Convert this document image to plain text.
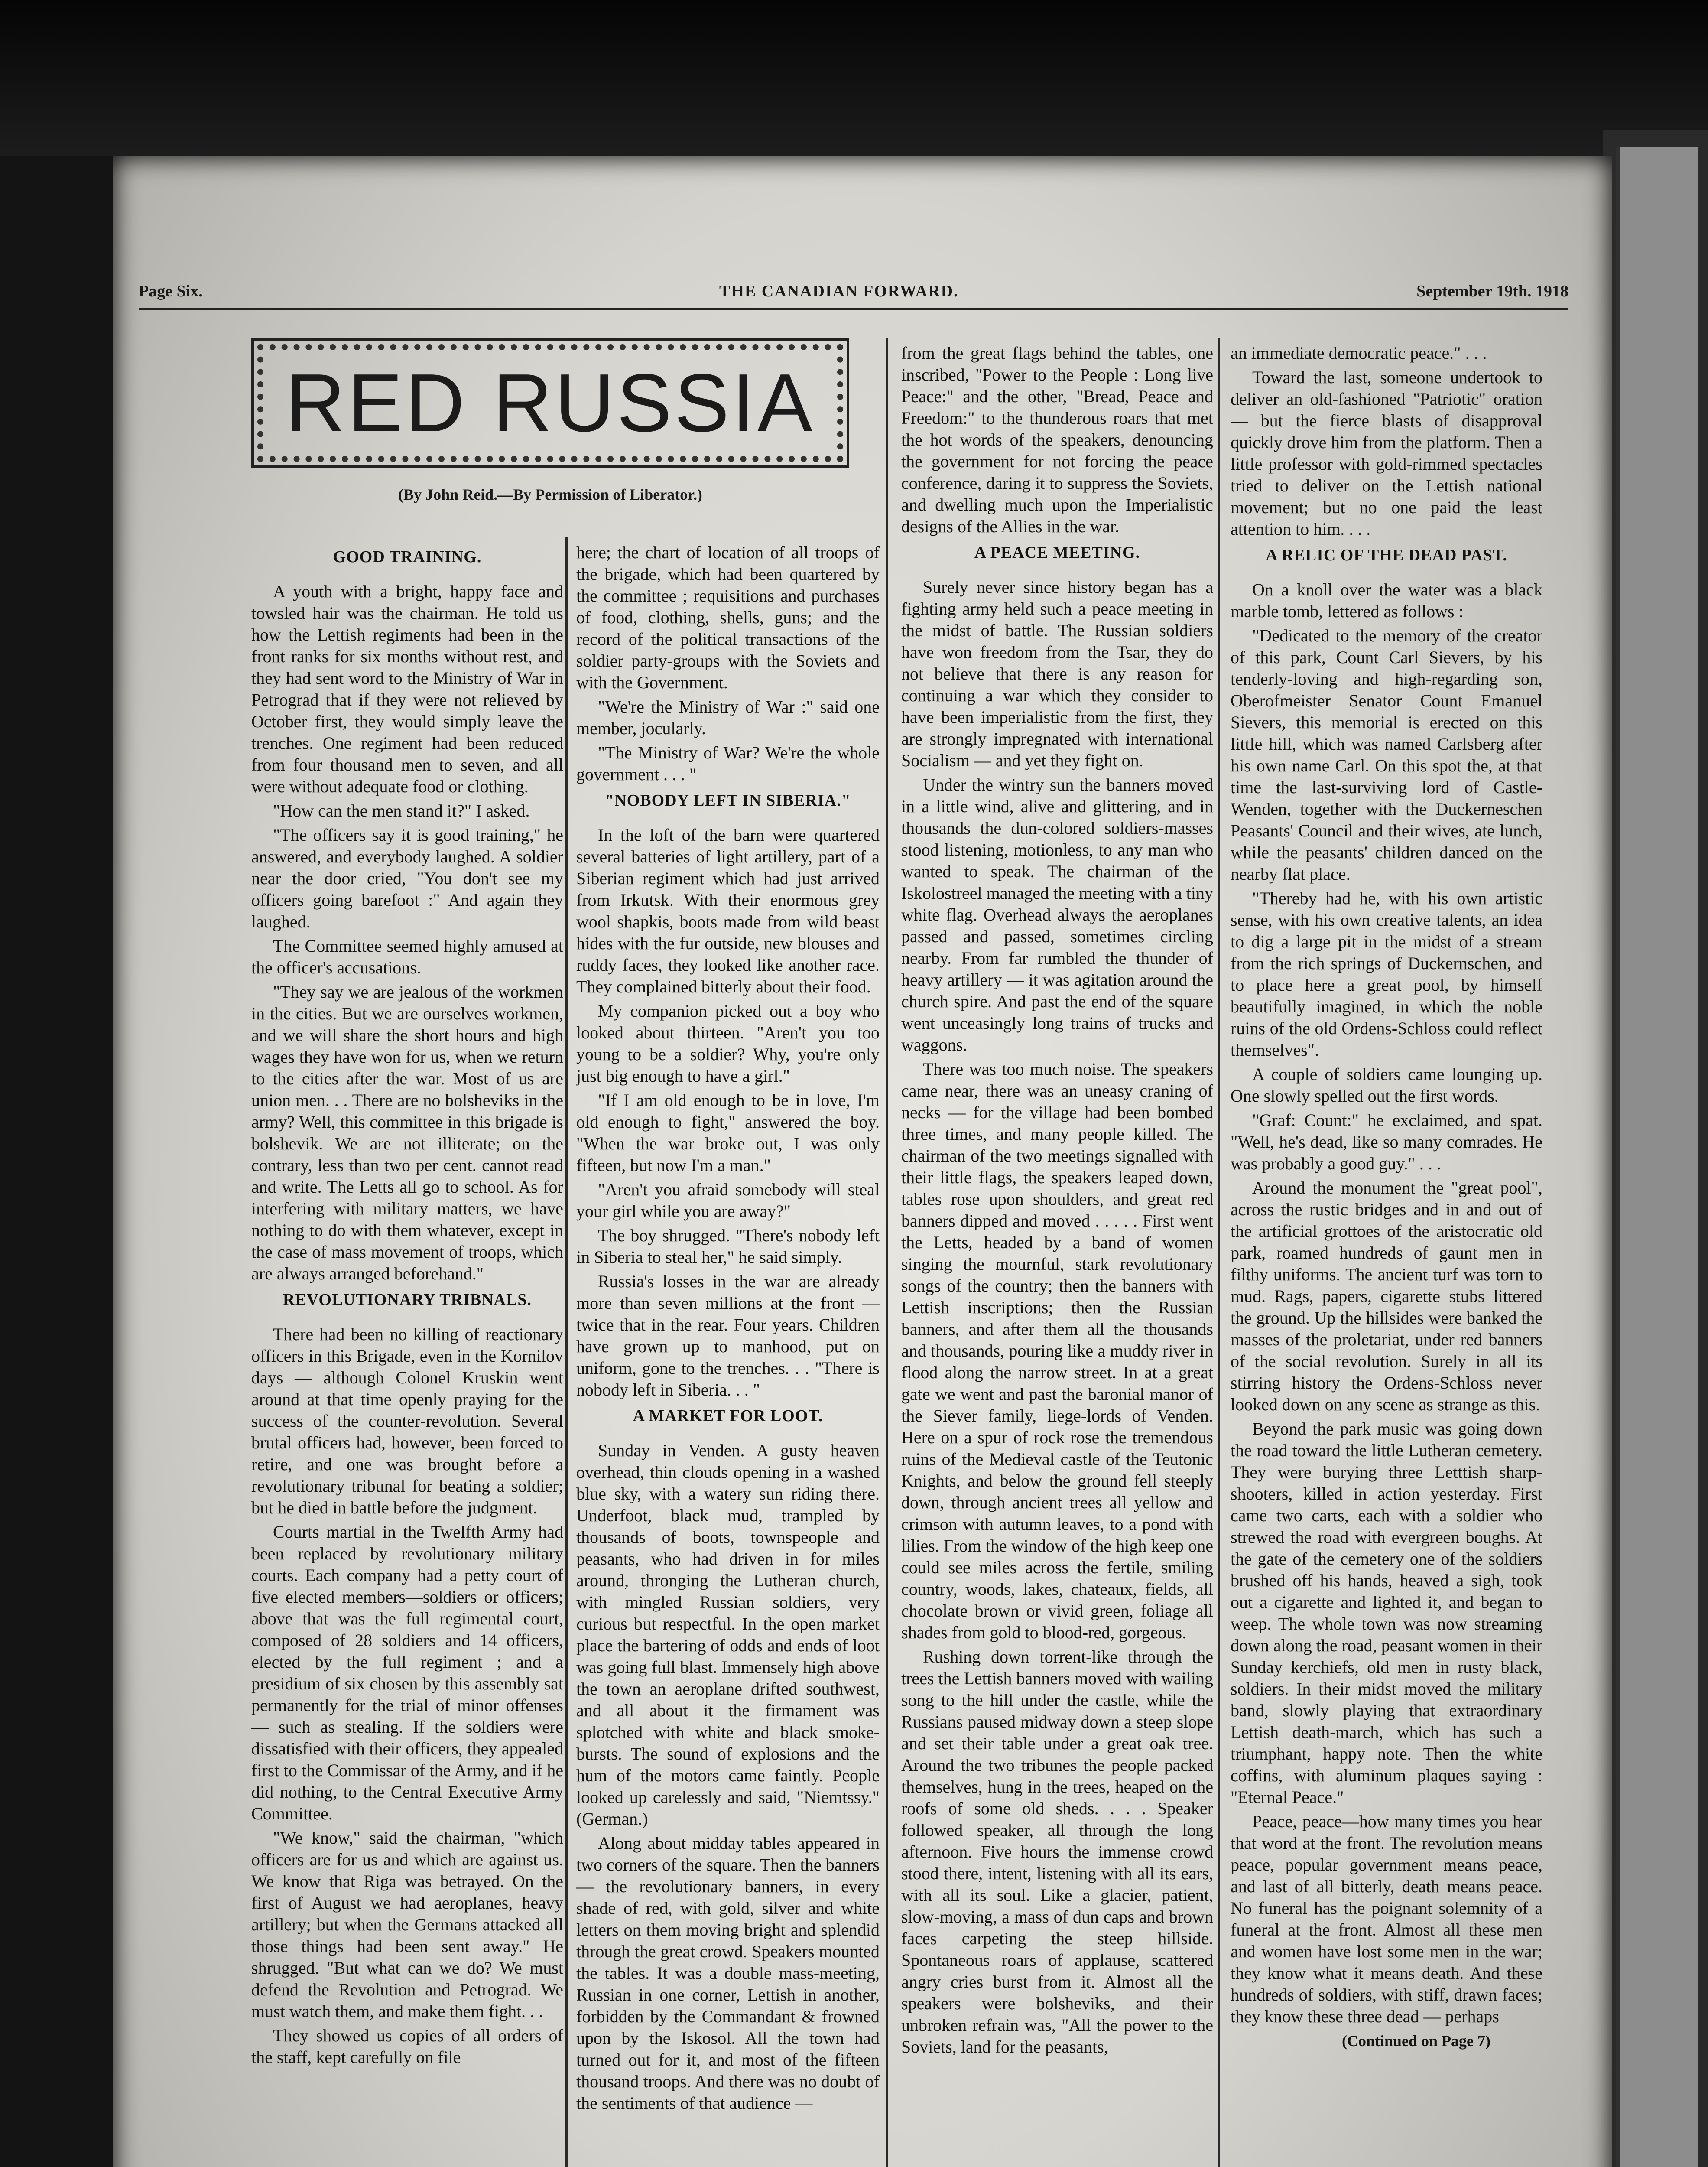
Page Six.	THE CANADIAN FORWARD.	September 19th. 1918
RED RUSSIA
(By John Reid.—By Permission of Liberator.)
GOOD TRAINING.

A youth with a bright, happy face and towsled hair was the chairman. He told us how the Lettish regiments had been in the front ranks for six months without rest, and they had sent word to the Ministry of War in Petrograd that if they were not relieved by October first, they would simply leave the trenches. One regiment had been reduced from four thousand men to seven, and all were without adequate food or clothing.

"How can the men stand it?" I asked.

"The officers say it is good training," he answered, and everybody laughed. A soldier near the door cried, "You don't see my officers going barefoot :" And again they laughed.

The Committee seemed highly amused at the officer's accusations.

"They say we are jealous of the workmen in the cities. But we are ourselves workmen, and we will share the short hours and high wages they have won for us, when we return to the cities after the war. Most of us are union men. . . There are no bolsheviks in the army? Well, this committee in this brigade is bolshevik. We are not illiterate; on the contrary, less than two per cent. cannot read and write. The Letts all go to school. As for interfering with military matters, we have nothing to do with them whatever, except in the case of mass movement of troops, which are always arranged beforehand."

REVOLUTIONARY TRIBNALS.

There had been no killing of reactionary officers in this Brigade, even in the Kornilov days — although Colonel Kruskin went around at that time openly praying for the success of the counter-revolution. Several brutal officers had, however, been forced to retire, and one was brought before a revolutionary tribunal for beating a soldier; but he died in battle before the judgment.

Courts martial in the Twelfth Army had been replaced by revolutionary military courts. Each company had a petty court of five elected members—soldiers or officers; above that was the full regimental court, composed of 28 soldiers and 14 officers, elected by the full regiment ; and a presidium of six chosen by this assembly sat permanently for the trial of minor offenses — such as stealing. If the soldiers were dissatisfied with their officers, they appealed first to the Commissar of the Army, and if he did nothing, to the Central Executive Army Committee.

"We know," said the chairman, "which officers are for us and which are against us. We know that Riga was betrayed. On the first of August we had aeroplanes, heavy artillery; but when the Germans attacked all those things had been sent away." He shrugged. "But what can we do? We must defend the Revolution and Petrograd. We must watch them, and make them fight. . .

They showed us copies of all orders of the staff, kept carefully on file

here; the chart of location of all troops of the brigade, which had been quartered by the committee ; requisitions and purchases of food, clothing, shells, guns; and the record of the political transactions of the soldier party-groups with the Soviets and with the Government.

"We're the Ministry of War :" said one member, jocularly.

"The Ministry of War? We're the whole government . . . "

"NOBODY LEFT IN SIBERIA."

In the loft of the barn were quartered several batteries of light artillery, part of a Siberian regiment which had just arrived from Irkutsk. With their enormous grey wool shapkis, boots made from wild beast hides with the fur outside, new blouses and ruddy faces, they looked like another race. They complained bitterly about their food.

My companion picked out a boy who looked about thirteen. "Aren't you too young to be a soldier? Why, you're only just big enough to have a girl."

"If I am old enough to be in love, I'm old enough to fight," answered the boy. "When the war broke out, I was only fifteen, but now I'm a man."

"Aren't you afraid somebody will steal your girl while you are away?"

The boy shrugged. "There's nobody left in Siberia to steal her," he said simply.

Russia's losses in the war are already more than seven millions at the front — twice that in the rear. Four years. Children have grown up to manhood, put on uniform, gone to the trenches. . . "There is nobody left in Siberia. . . "

A MARKET FOR LOOT.

Sunday in Venden. A gusty heaven overhead, thin clouds opening in a washed blue sky, with a watery sun riding there. Underfoot, black mud, trampled by thousands of boots, townspeople and peasants, who had driven in for miles around, thronging the Lutheran church, with mingled Russian soldiers, very curious but respectful. In the open market place the bartering of odds and ends of loot was going full blast. Immensely high above the town an aeroplane drifted southwest, and all about it the firmament was splotched with white and black smoke-bursts. The sound of explosions and the hum of the motors came faintly. People looked up carelessly and said, "Niemtssy." (German.)

Along about midday tables appeared in two corners of the square. Then the banners— the revolutionary banners, in every shade of red, with gold, silver and white letters on them moving bright and splendid through the great crowd. Speakers mounted the tables. It was a double mass-meeting, Russian in one corner, Lettish in another, forbidden by the Commandant & frowned upon by the Iskosol. All the town had turned out for it, and most of the fifteen thousand troops. And there was no doubt of the sentiments of that audience —

from the great flags behind the tables, one inscribed, "Power to the People : Long live Peace:" and the other, "Bread, Peace and Freedom:" to the thunderous roars that met the hot words of the speakers, denouncing the government for not forcing the peace conference, daring it to suppress the Soviets, and dwelling much upon the Imperialistic designs of the Allies in the war.

A PEACE MEETING.

Surely never since history began has a fighting army held such a peace meeting in the midst of battle. The Russian soldiers have won freedom from the Tsar, they do not believe that there is any reason for continuing a war which they consider to have been imperialistic from the first, they are strongly impregnated with international Socialism — and yet they fight on.

Under the wintry sun the banners moved in a little wind, alive and glittering, and in thousands the dun-colored soldiers-masses stood listening, motionless, to any man who wanted to speak. The chairman of the Iskolostreel managed the meeting with a tiny white flag. Overhead always the aeroplanes passed and passed, sometimes circling nearby. From far rumbled the thunder of heavy artillery — it was agitation around the church spire. And past the end of the square went unceasingly long trains of trucks and waggons.

There was too much noise. The speakers came near, there was an uneasy craning of necks — for the village had been bombed three times, and many people killed. The chairman of the two meetings signalled with their little flags, the speakers leaped down, tables rose upon shoulders, and great red banners dipped and moved . . . . . First went the Letts, headed by a band of women singing the mournful, stark revolutionary songs of the country; then the banners with Lettish inscriptions; then the Russian banners, and after them all the thousands and thousands, pouring like a muddy river in flood along the narrow street. In at a great gate we went and past the baronial manor of the Siever family, liege-lords of Venden. Here on a spur of rock rose the tremendous ruins of the Medieval castle of the Teutonic Knights, and below the ground fell steeply down, through ancient trees all yellow and crimson with autumn leaves, to a pond with lilies. From the window of the high keep one could see miles across the fertile, smiling country, woods, lakes, chateaux, fields, all chocolate brown or vivid green, foliage all shades from gold to blood-red, gorgeous.

Rushing down torrent-like through the trees the Lettish banners moved with wailing song to the hill under the castle, while the Russians paused midway down a steep slope and set their table under a great oak tree. Around the two tribunes the people packed themselves, hung in the trees, heaped on the roofs of some old sheds. . . . Speaker followed speaker, all through the long afternoon. Five hours the immense crowd stood there, intent, listening with all its ears, with all its soul. Like a glacier, patient, slow-moving, a mass of dun caps and brown faces carpeting the steep hillside. Spontaneous roars of applause, scattered angry cries burst from it. Almost all the speakers were bolsheviks, and their unbroken refrain was, "All the power to the Soviets, land for the peasants,

an immediate democratic peace." . . .

Toward the last, someone undertook to deliver an old-fashioned "Patriotic" oration — but the fierce blasts of disapproval quickly drove him from the platform. Then a little professor with gold-rimmed spectacles tried to deliver on the Lettish national movement; but no one paid the least attention to him. . . .

A RELIC OF THE DEAD PAST.

On a knoll over the water was a black marble tomb, lettered as follows :

"Dedicated to the memory of the creator of this park, Count Carl Sievers, by his tenderly-loving and high-regarding son, Oberofmeister Senator Count Emanuel Sievers, this memorial is erected on this little hill, which was named Carlsberg after his own name Carl. On this spot the, at that time the last-surviving lord of Castle-Wenden, together with the Duckerneschen Peasants' Council and their wives, ate lunch, while the peasants' children danced on the nearby flat place.

"Thereby had he, with his own artistic sense, with his own creative talents, an idea to dig a large pit in the midst of a stream from the rich springs of Duckernschen, and to place here a great pool, by himself beautifully imagined, in which the noble ruins of the old Ordens-Schloss could reflect themselves".

A couple of soldiers came lounging up. One slowly spelled out the first words.

"Graf: Count:" he exclaimed, and spat. "Well, he's dead, like so many comrades. He was probably a good guy." . . .

Around the monument the "great pool", across the rustic bridges and in and out of the artificial grottoes of the aristocratic old park, roamed hundreds of gaunt men in filthy uniforms. The ancient turf was torn to mud. Rags, papers, cigarette stubs littered the ground. Up the hillsides were banked the masses of the proletariat, under red banners of the social revolution. Surely in all its stirring history the Ordens-Schloss never looked down on any scene as strange as this.

Beyond the park music was going down the road toward the little Lutheran cemetery. They were burying three Letttish sharp-shooters, killed in action yesterday. First came two carts, each with a soldier who strewed the road with evergreen boughs. At the gate of the cemetery one of the soldiers brushed off his hands, heaved a sigh, took out a cigarette and lighted it, and began to weep. The whole town was now streaming down along the road, peasant women in their Sunday kerchiefs, old men in rusty black, soldiers. In their midst moved the military band, slowly playing that extraordinary Lettish death-march, which has such a triumphant, happy note. Then the white coffins, with aluminum plaques saying : "Eternal Peace."

Peace, peace—how many times you hear that word at the front. The revolution means peace, popular government means peace, and last of all bitterly, death means peace. No funeral has the poignant solemnity of a funeral at the front. Almost all these men and women have lost some men in the war; they know what it means death. And these hundreds of soldiers, with stiff, drawn faces; they know these three dead — perhaps

(Continued on Page 7)
